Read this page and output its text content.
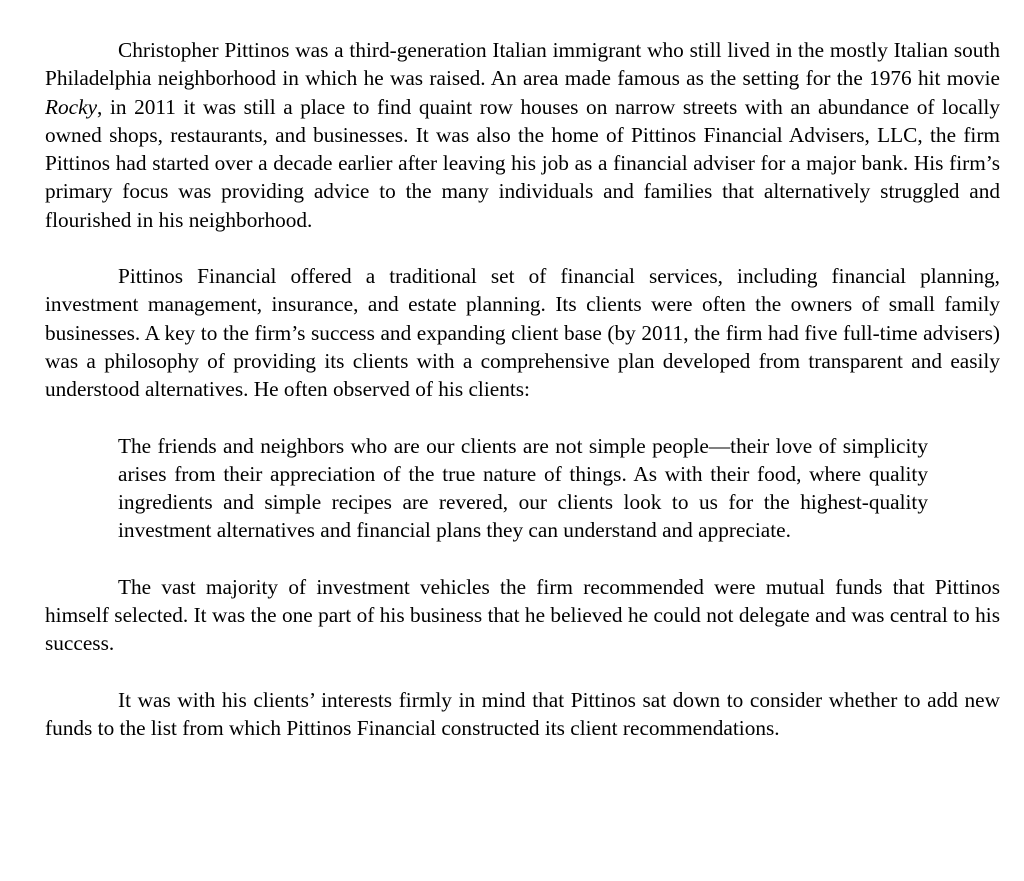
Christopher Pittinos was a third-generation Italian immigrant who still lived in the mostly Italian south Philadelphia neighborhood in which he was raised. An area made famous as the setting for the 1976 hit movie Rocky, in 2011 it was still a place to find quaint row houses on narrow streets with an abundance of locally owned shops, restaurants, and businesses. It was also the home of Pittinos Financial Advisers, LLC, the firm Pittinos had started over a decade earlier after leaving his job as a financial adviser for a major bank. His firm’s primary focus was providing advice to the many individuals and families that alternatively struggled and flourished in his neighborhood.

Pittinos Financial offered a traditional set of financial services, including financial planning, investment management, insurance, and estate planning. Its clients were often the owners of small family businesses. A key to the firm’s success and expanding client base (by 2011, the firm had five full-time advisers) was a philosophy of providing its clients with a comprehensive plan developed from transparent and easily understood alternatives. He often observed of his clients:

The friends and neighbors who are our clients are not simple people—their love of simplicity arises from their appreciation of the true nature of things. As with their food, where quality ingredients and simple recipes are revered, our clients look to us for the highest-quality investment alternatives and financial plans they can understand and appreciate.

The vast majority of investment vehicles the firm recommended were mutual funds that Pittinos himself selected. It was the one part of his business that he believed he could not delegate and was central to his success.

It was with his clients’ interests firmly in mind that Pittinos sat down to consider whether to add new funds to the list from which Pittinos Financial constructed its client recommendations.
